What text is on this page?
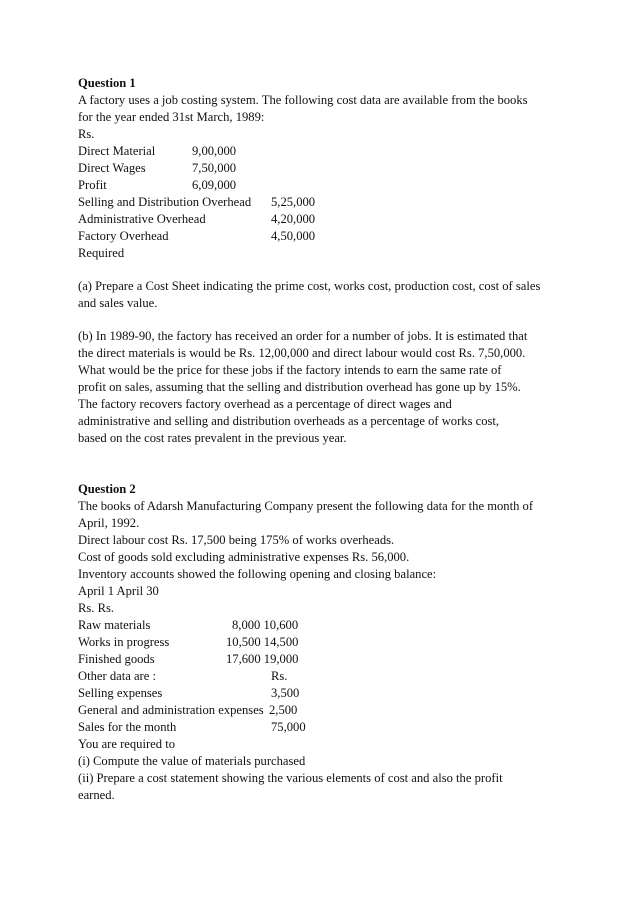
Question 1
A factory uses a job costing system. The following cost data are available from the books
for the year ended 31st March, 1989:
Rs.
Direct Material	9,00,000
Direct Wages	7,50,000
Profit	6,09,000
Selling and Distribution Overhead 5,25,000
Administrative Overhead	4,20,000
Factory Overhead	4,50,000
Required
(a) Prepare a Cost Sheet indicating the prime cost, works cost, production cost, cost of sales
and sales value.
(b) In 1989-90, the factory has received an order for a number of jobs. It is estimated that
the direct materials is would be Rs. 12,00,000 and direct labour would cost Rs. 7,50,000.
What would be the price for these jobs if the factory intends to earn the same rate of
profit on sales, assuming that the selling and distribution overhead has gone up by 15%.
The factory recovers factory overhead as a percentage of direct wages and
administrative and selling and distribution overheads as a percentage of works cost,
based on the cost rates prevalent in the previous year.
Question 2
The books of Adarsh Manufacturing Company present the following data for the month of
April, 1992.
Direct labour cost Rs. 17,500 being 175% of works overheads.
Cost of goods sold excluding administrative expenses Rs. 56,000.
Inventory accounts showed the following opening and closing balance:
April 1 April 30
Rs. Rs.
Raw materials	8,000 10,600
Works in progress	10,500 14,500
Finished goods	17,600 19,000
Other data are :	Rs.
Selling expenses	3,500
General and administration expenses 2,500
Sales for the month	75,000
You are required to
(i) Compute the value of materials purchased
(ii) Prepare a cost statement showing the various elements of cost and also the profit
earned.
